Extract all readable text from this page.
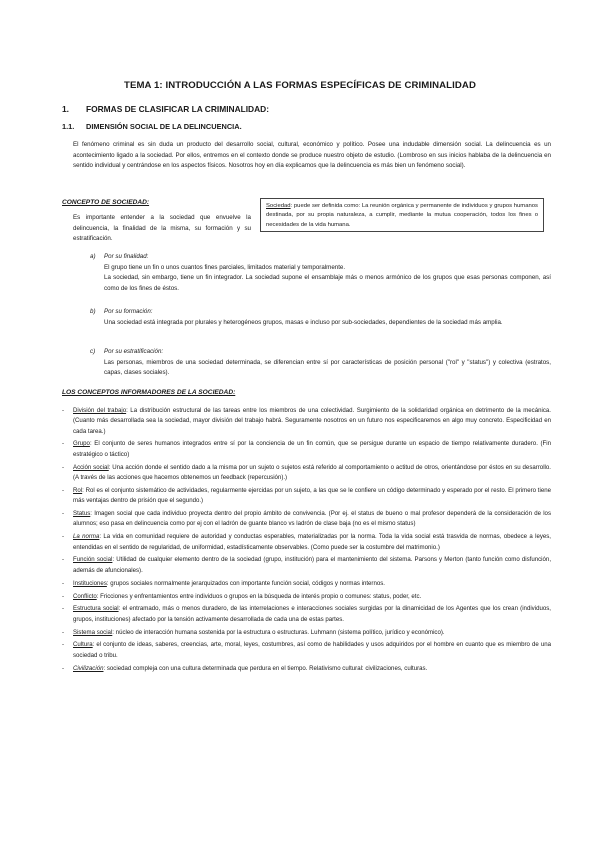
TEMA 1: INTRODUCCIÓN A LAS FORMAS ESPECÍFICAS DE CRIMINALIDAD
1. FORMAS DE CLASIFICAR LA CRIMINALIDAD:
1.1. DIMENSIÓN SOCIAL DE LA DELINCUENCIA.
El fenómeno criminal es sin duda un producto del desarrollo social, cultural, económico y político. Posee una indudable dimensión social. La delincuencia es un acontecimiento ligado a la sociedad. Por ellos, entremos en el contexto donde se produce nuestro objeto de estudio. (Lombroso en sus inicios hablaba de la delincuencia en sentido individual y centrándose en los aspectos físicos. Nosotros hoy en día explicamos que la delincuencia es más bien un fenómeno social).
CONCEPTO DE SOCIEDAD:
Es importante entender a la sociedad que envuelve la delincuencia, la finalidad de la misma, su formación y su estratificación.
Sociedad: puede ser definida como: La reunión orgánica y permanente de individuos y grupos humanos destinada, por su propia naturaleza, a cumplir, mediante la mutua cooperación, todos los fines o necesidades de la vida humana.
a) Por su finalidad:
El grupo tiene un fin o unos cuantos fines parciales, limitados material y temporalmente.
La sociedad, sin embargo, tiene un fin integrador. La sociedad supone el ensamblaje más o menos armónico de los grupos que esas personas componen, así como de los fines de éstos.
b) Por su formación:
Una sociedad está integrada por plurales y heterogéneos grupos, masas e incluso por sub-sociedades, dependientes de la sociedad más amplia.
c) Por su estratificación:
Las personas, miembros de una sociedad determinada, se diferencian entre sí por características de posición personal ("rol" y "status") y colectiva (estratos, capas, clases sociales).
LOS CONCEPTOS INFORMADORES DE LA SOCIEDAD:
- División del trabajo: La distribución estructural de las tareas entre los miembros de una colectividad. Surgimiento de la solidaridad orgánica en detrimento de la mecánica. (Cuanto más desarrollada sea la sociedad, mayor división del trabajo habrá. Seguramente nosotros en un futuro nos especificaremos en algo muy concreto. Especificidad en cada tarea.)
- Grupo: El conjunto de seres humanos integrados entre sí por la conciencia de un fin común, que se persigue durante un espacio de tiempo relativamente duradero. (Fin estratégico o táctico)
- Acción social: Una acción donde el sentido dado a la misma por un sujeto o sujetos está referido al comportamiento o actitud de otros, orientándose por éstos en su desarrollo. (A través de las acciones que hacemos obtenemos un feedback (repercusión).)
- Rol: Rol es el conjunto sistemático de actividades, regularmente ejercidas por un sujeto, a las que se le confiere un código determinado y esperado por el resto. El primero tiene más ventajas dentro de prisión que el segundo.)
- Status: Imagen social que cada individuo proyecta dentro del propio ámbito de convivencia. (Por ej. el status de bueno o mal profesor dependerá de la consideración de los alumnos; eso pasa en delincuencia como por ej con el ladrón de guante blanco vs ladrón de clase baja (no es el mismo status)
- La norma: La vida en comunidad requiere de autoridad y conductas esperables, materializadas por la norma. Toda la vida social está trasvida de normas, obedece a leyes, entendidas en el sentido de regularidad, de uniformidad, estadísticamente observables. (Como puede ser la costumbre del matrimonio.)
- Función social: Utilidad de cualquier elemento dentro de la sociedad (grupo, institución) para el mantenimiento del sistema. Parsons y Merton (tanto función como disfunción, además de afuncionales).
- Instituciones: grupos sociales normalmente jerarquizados con importante función social, códigos y normas internos.
- Conflicto: Fricciones y enfrentamientos entre individuos o grupos en la búsqueda de interés propio o comunes: status, poder, etc.
- Estructura social: el entramado, más o menos duradero, de las interrelaciones e interacciones sociales surgidas por la dinamicidad de los Agentes que los crean (individuos, grupos, instituciones) afectado por la tensión activamente desarrollada de cada una de estas partes.
- Sistema social: núcleo de interacción humana sostenida por la estructura o estructuras. Luhmann (sistema político, jurídico y económico).
- Cultura: el conjunto de ideas, saberes, creencias, arte, moral, leyes, costumbres, así como de habilidades y usos adquiridos por el hombre en cuanto que es miembro de una sociedad o tribu.
- Civilización: sociedad compleja con una cultura determinada que perdura en el tiempo. Relativismo cultural: civilizaciones, culturas.
